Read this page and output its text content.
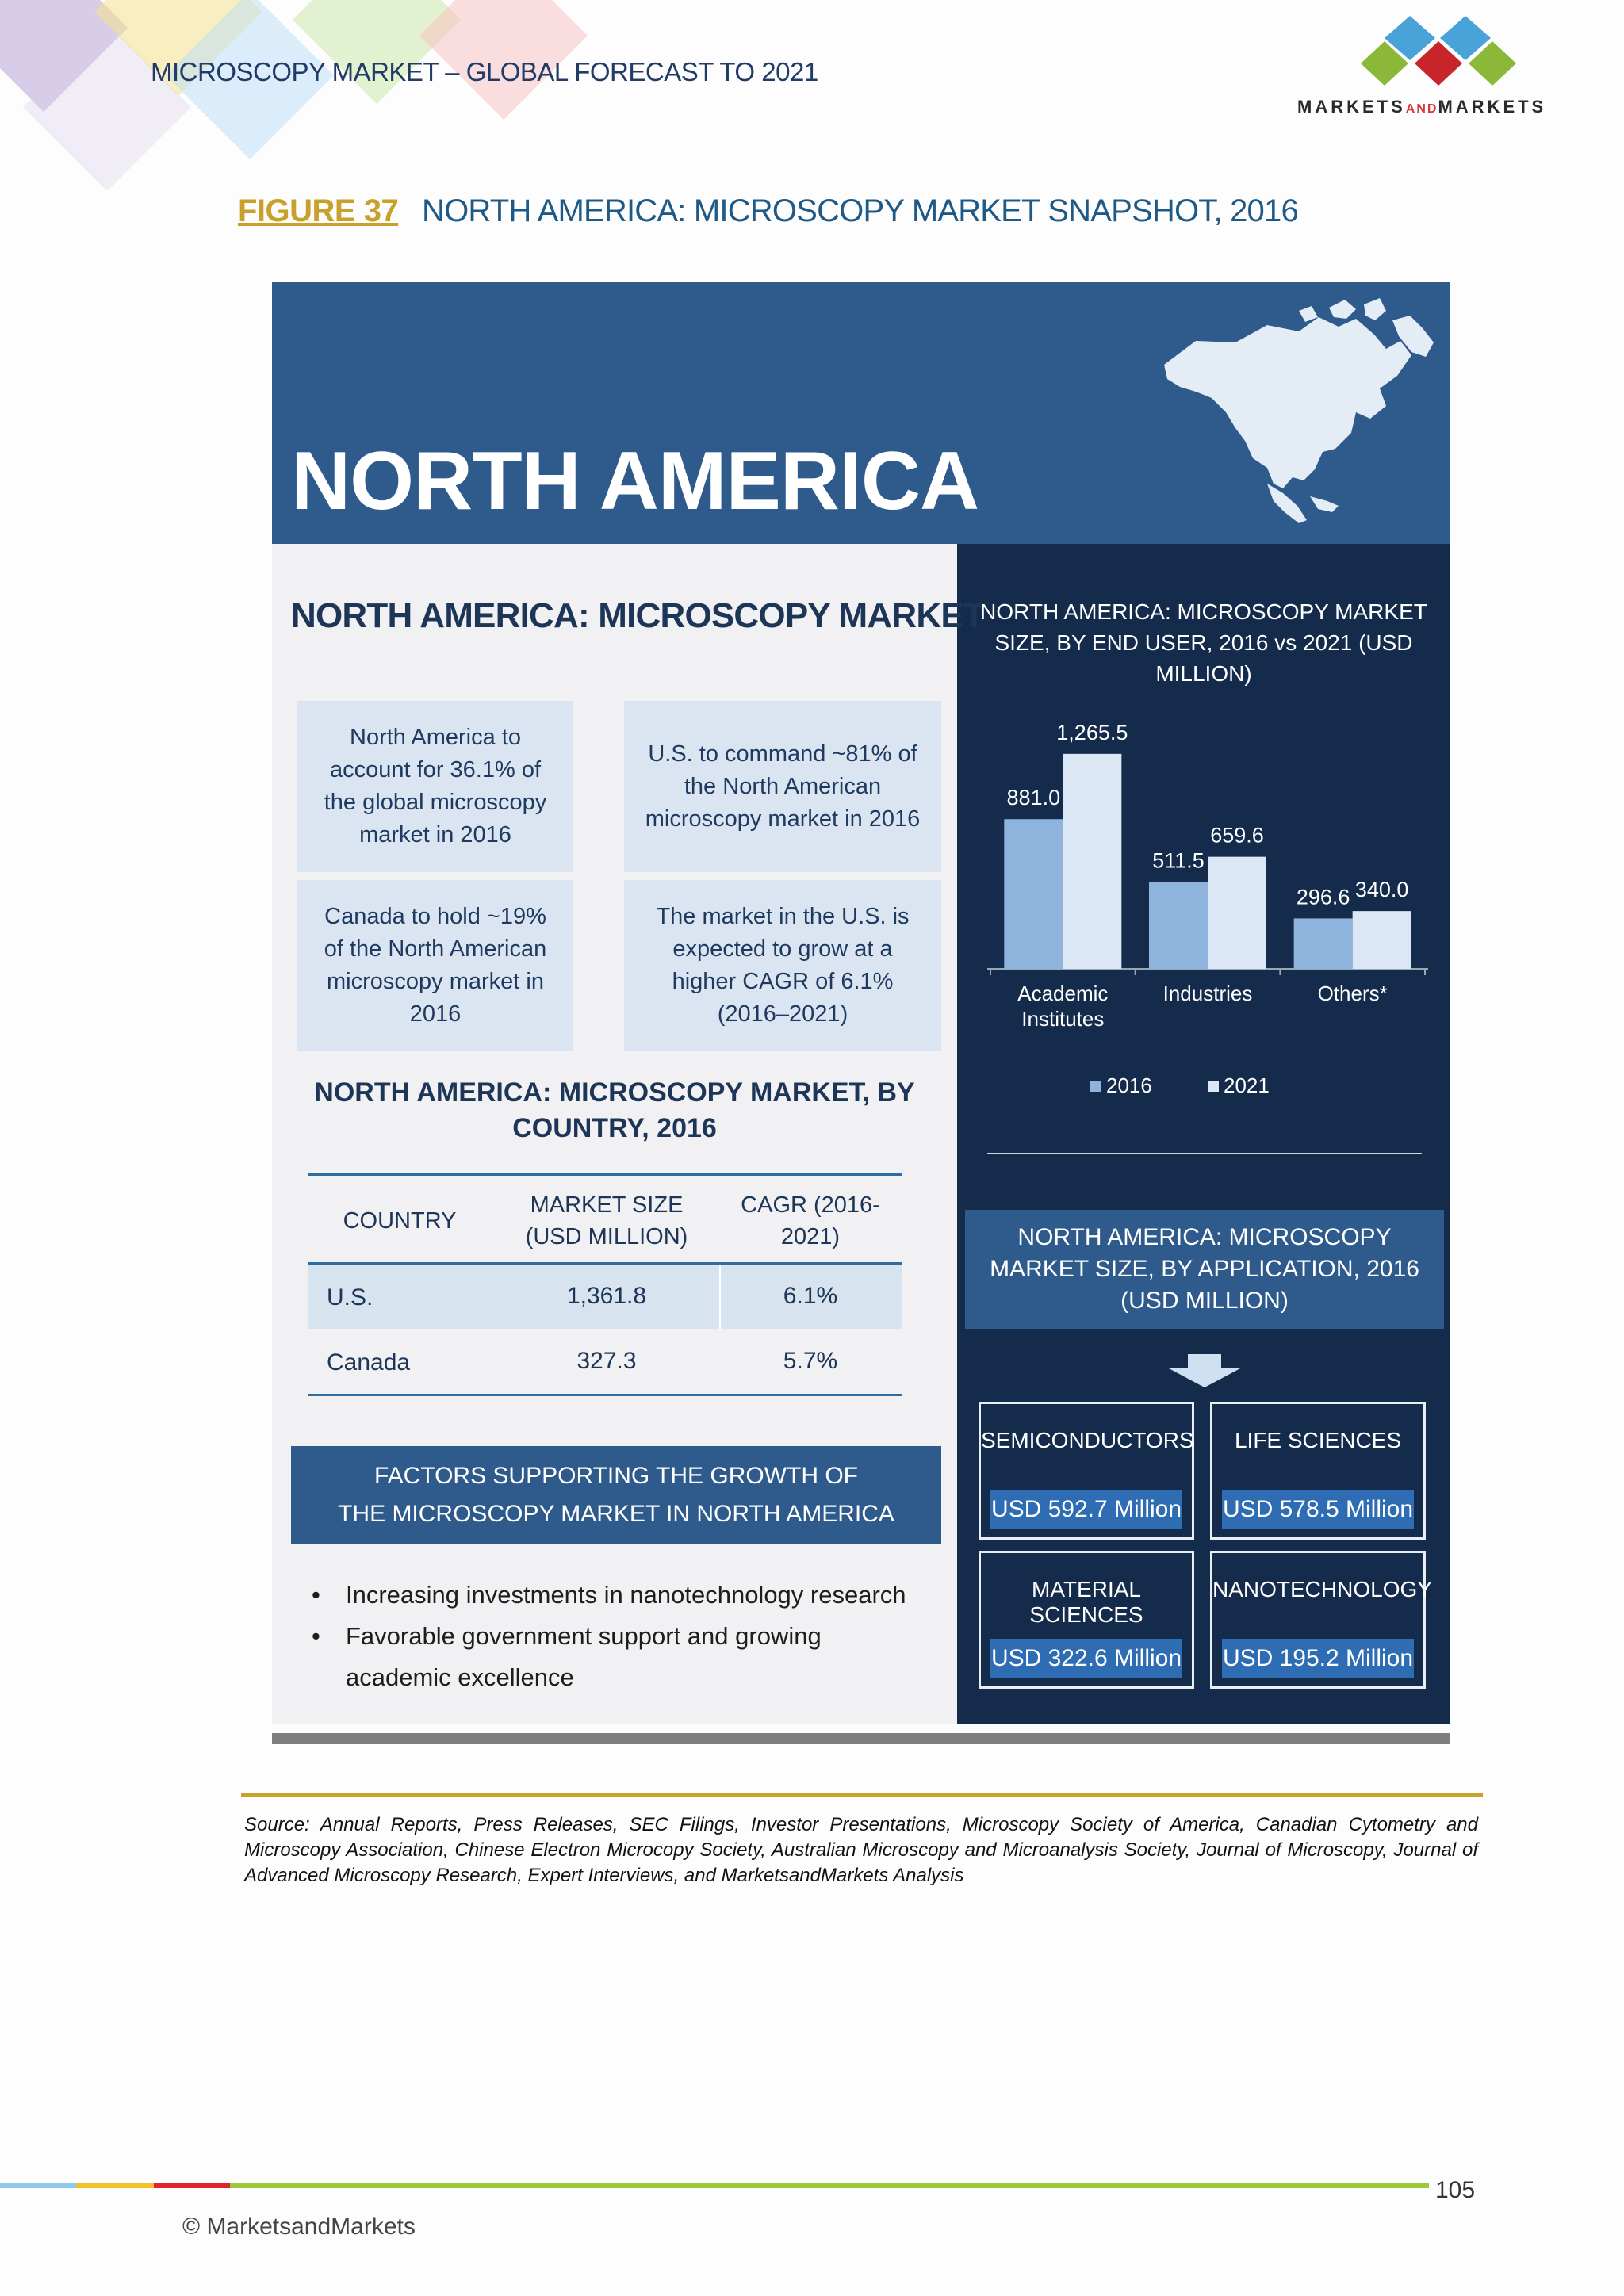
MICROSCOPY MARKET – GLOBAL FORECAST TO 2021
MARKETSANDMARKETS
FIGURE 37 NORTH AMERICA: MICROSCOPY MARKET SNAPSHOT, 2016
NORTH AMERICA
NORTH AMERICA: MICROSCOPY MARKET
North America to account for 36.1% of the global microscopy market in 2016
U.S. to command ~81% of the North American microscopy market in 2016
Canada to hold ~19% of the North American microscopy market in 2016
The market in the U.S. is expected to grow at a higher CAGR of 6.1% (2016–2021)
NORTH AMERICA: MICROSCOPY MARKET, BY COUNTRY, 2016
COUNTRY
MARKET SIZE (USD MILLION)
CAGR (2016-2021)
U.S.	1,361.8	6.1%
Canada	327.3	5.7%
FACTORS SUPPORTING THE GROWTH OF
THE MICROSCOPY MARKET IN NORTH AMERICA
• Increasing investments in nanotechnology research
• Favorable government support and growing academic excellence
NORTH AMERICA: MICROSCOPY MARKET SIZE, BY END USER, 2016 vs 2021 (USD MILLION)
881.0
1,265.5
Academic
Institutes
511.5
659.6
Industries
296.6 340.0
Others*
2016	2021
NORTH AMERICA: MICROSCOPY MARKET SIZE, BY APPLICATION, 2016 (USD MILLION)
SEMICONDUCTORS
USD 592.7 Million
LIFE SCIENCES
USD 578.5 Million
MATERIAL SCIENCES
USD 322.6 Million
NANOTECHNOLOGY
USD 195.2 Million
Source: Annual Reports, Press Releases, SEC Filings, Investor Presentations, Microscopy Society of America, Canadian Cytometry and Microscopy Association, Chinese Electron Microcopy Society, Australian Microscopy and Microanalysis Society, Journal of Microscopy, Journal of Advanced Microscopy Research, Expert Interviews, and MarketsandMarkets Analysis
105
© MarketsandMarkets
